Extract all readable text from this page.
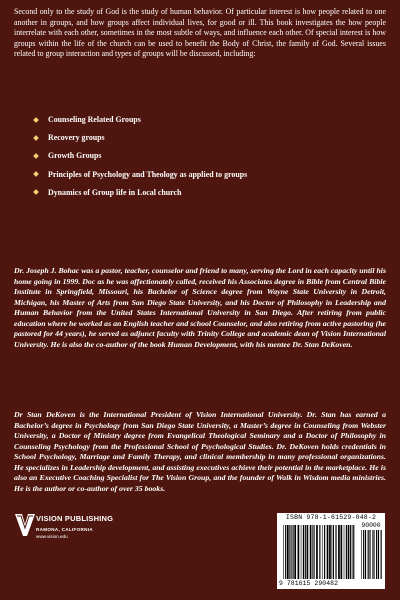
Second only to the study of God is the study of human behavior. Of particular interest is how people related to one another in groups, and how groups affect individual lives, for good or ill. This book investigates the how people interrelate with each other, sometimes in the most subtle of ways, and influence each other. Of special interest is how groups within the life of the church can be used to benefit the Body of Christ, the family of God. Several issues related to group interaction and types of groups will be discussed, including:

Counseling Related Groups
Recovery groups
Growth Groups
Principles of Psychology and Theology as applied to groups
Dynamics of Group life in Local church

Dr. Joseph J. Bohac was a pastor, teacher, counselor and friend to many, serving the Lord in each capacity until his home going in 1999. Doc as he was affectionately called, received his Associates degree in Bible from Central Bible Institute in Springfield, Missouri, his Bachelor of Science degree from Wayne State University in Detroit, Michigan, his Master of Arts from San Diego State University, and his Doctor of Philosophy in Leadership and Human Behavior from the United States International University in San Diego. After retiring from public education where he worked as an English teacher and school Counselor, and also retiring from active pastoring (he pastored for 44 years), he served as adjunct faculty with Trinity College and academic dean of Vision International University. He is also the co-author of the book Human Development, with his mentee Dr. Stan DeKoven.

Dr Stan DeKoven is the International President of Vision International University. Dr. Stan has earned a Bachelor’s degree in Psychology from San Diego State University, a Master’s degree in Counseling from Webster University, a Doctor of Ministry degree from Evangelical Theological Seminary and a Doctor of Philosophy in Counseling Psychology from the Professional School of Psychological Studies. Dr. DeKoven holds credentials in School Psychology, Marriage and Family Therapy, and clinical membership in many professional organizations. He specializes in Leadership development, and assisting executives achieve their potential in the marketplace. He is also an Executive Coaching Specialist for The Vision Group, and the founder of Walk in Wisdom media ministries. He is the author or co-author of over 35 books.

VISION PUBLISHING
RAMONA, CALIFORNIA
www.vision.edu
ISBN 978-1-61529-048-2
9 781615 290482
90000
